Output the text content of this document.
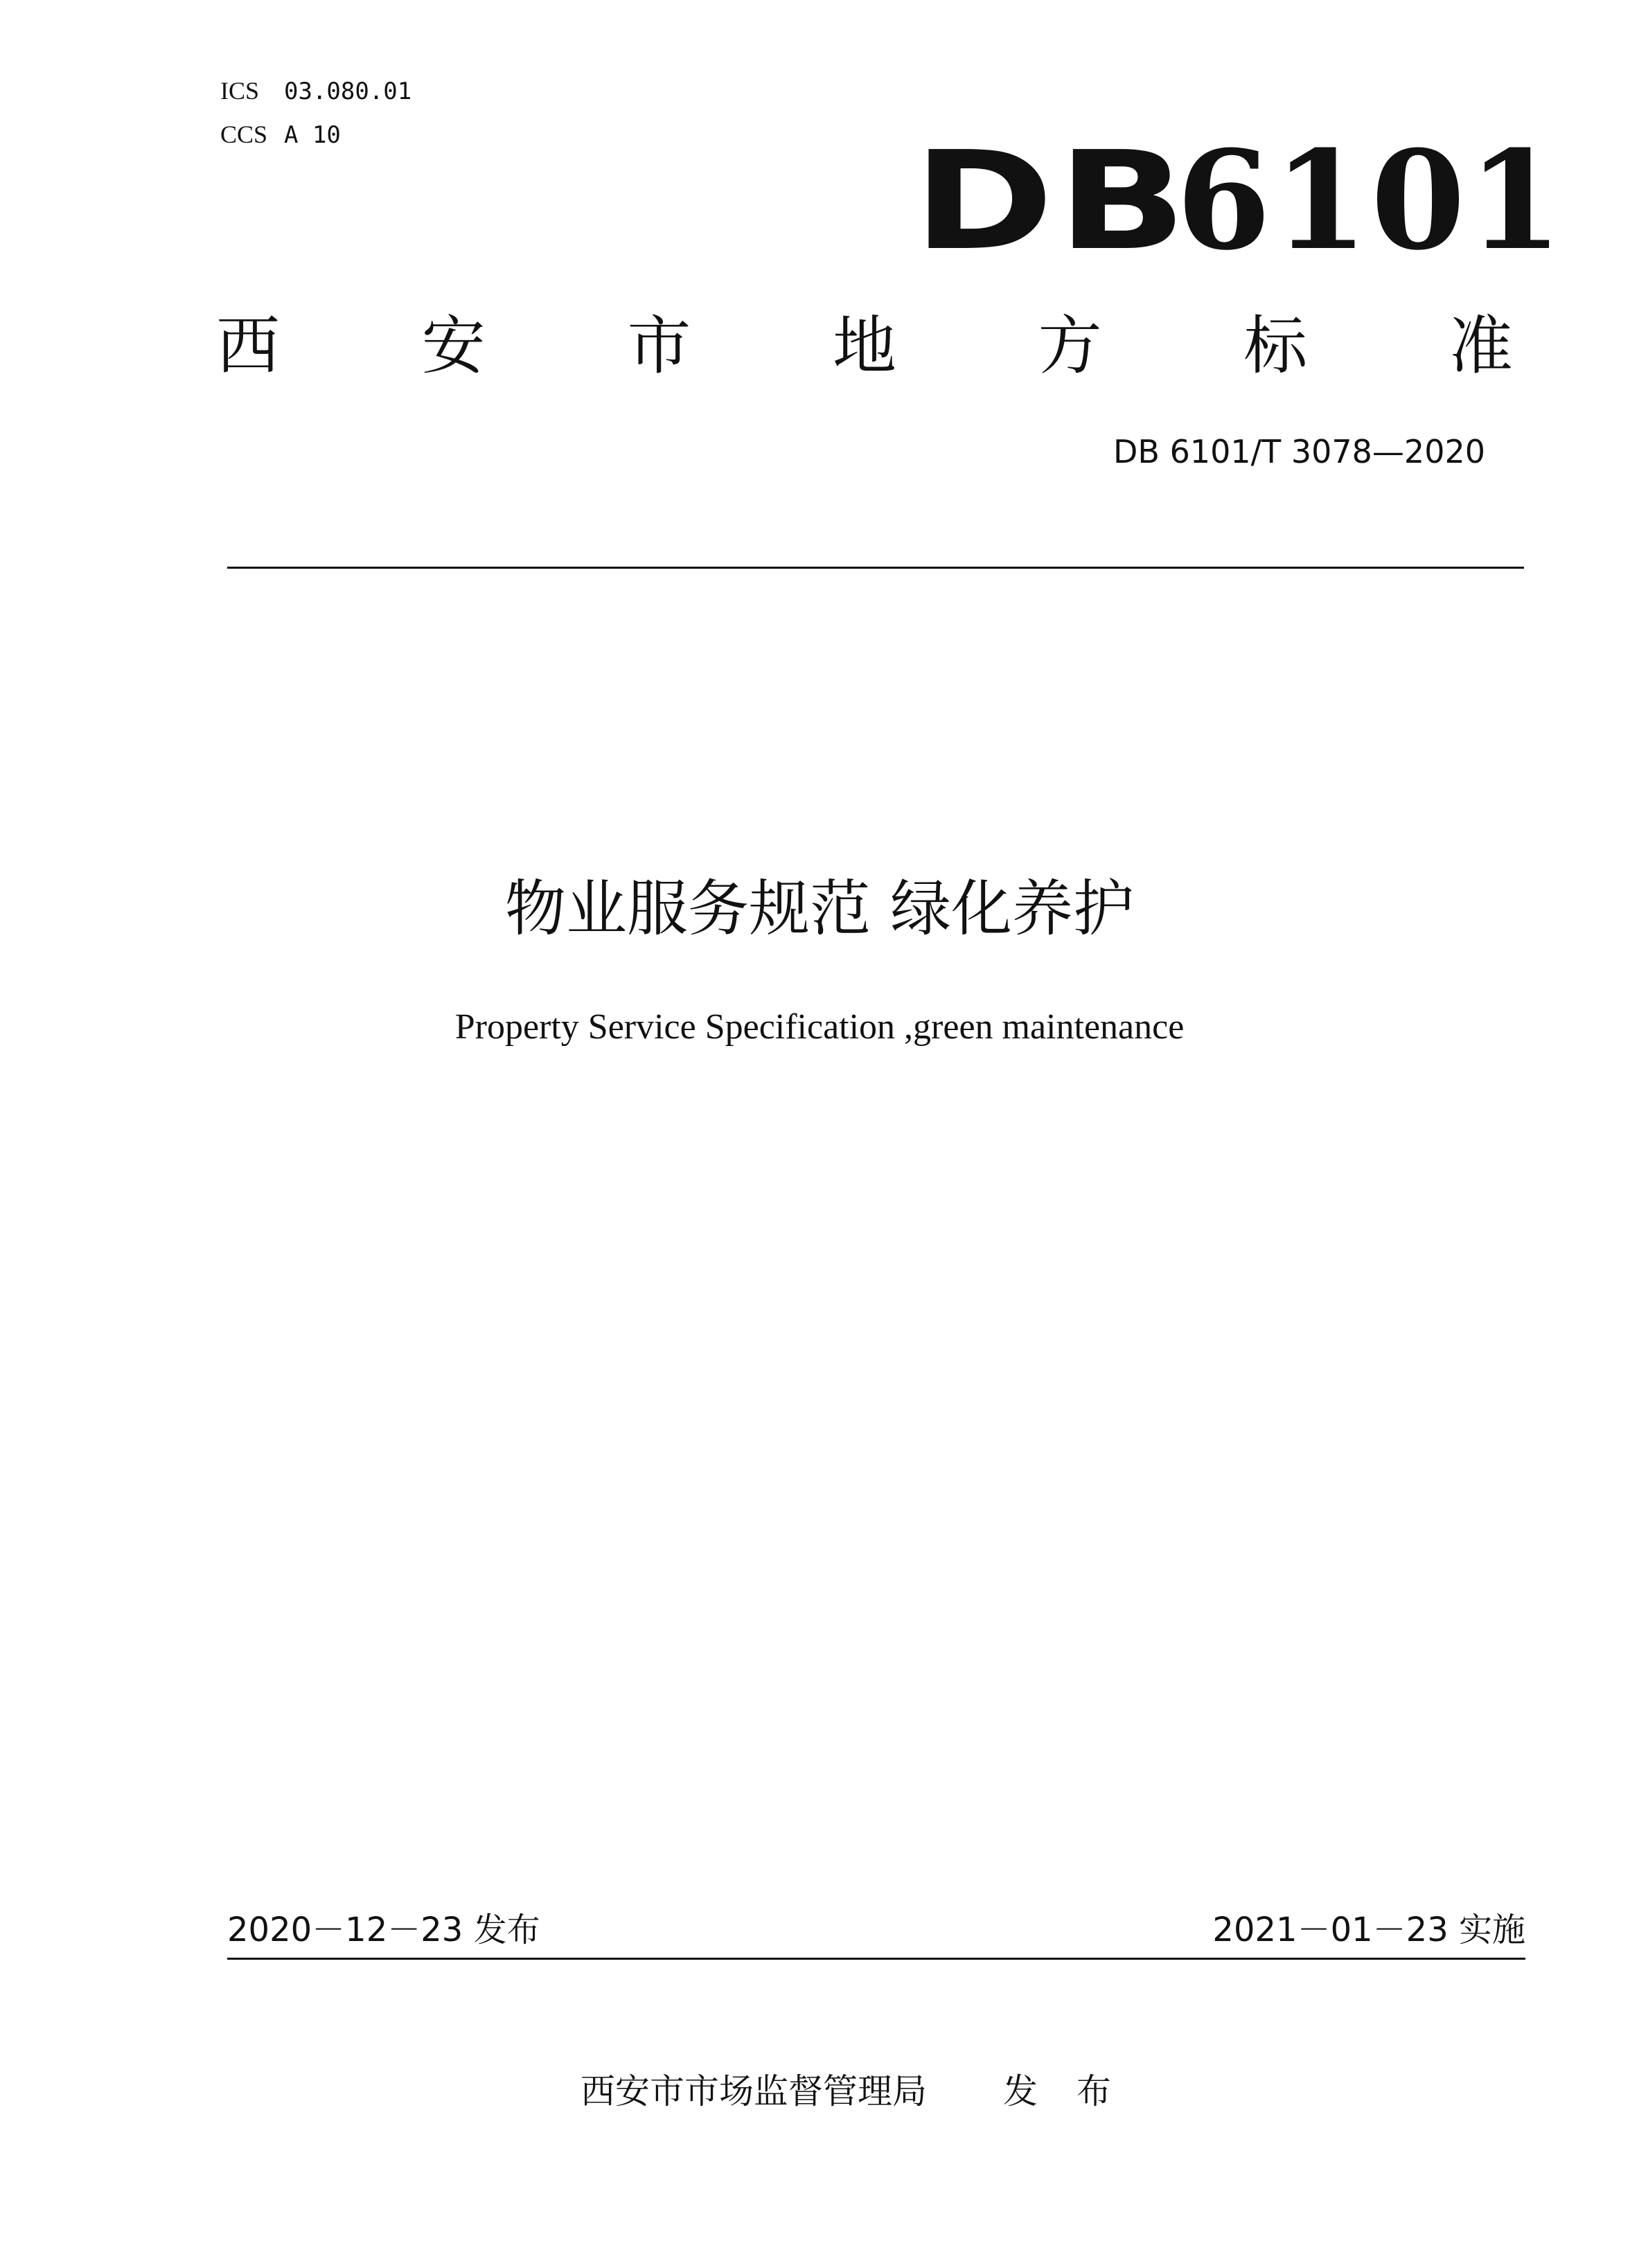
ICS 03.080.01
CCS A 10	DB6101
西 安 市 地 方 标 准
DB 6101/T 3078—2020
物业服务规范 绿化养护
Property Service Specification ,green maintenance
2020－12－23 发布	2021－01－23 实施
西安市市场监督管理局 发 布
